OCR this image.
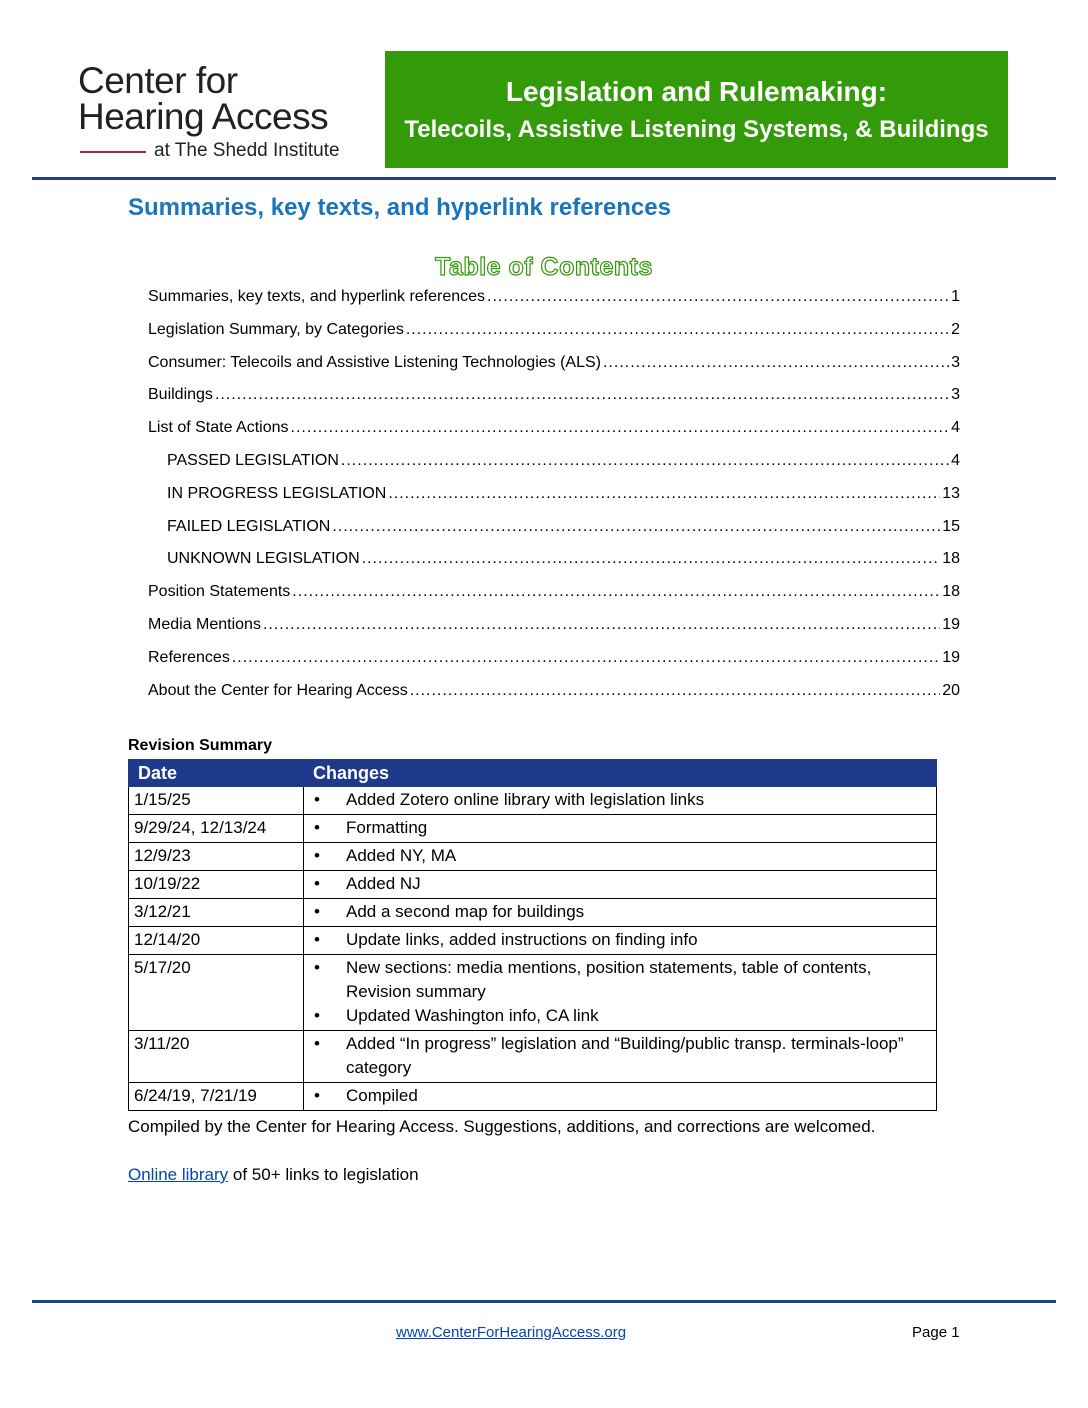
Center for
Hearing Access
at The Shedd Institute
Legislation and Rulemaking:
Telecoils, Assistive Listening Systems, & Buildings
Summaries, key texts, and hyperlink references
Table of Contents
Summaries, key texts, and hyperlink references .....	1
Legislation Summary, by Categories .....	2
Consumer: Telecoils and Assistive Listening Technologies (ALS) .....	3
Buildings .....	3
List of State Actions .....	4
PASSED LEGISLATION .....	4
IN PROGRESS LEGISLATION .....	13
FAILED LEGISLATION .....	15
UNKNOWN LEGISLATION .....	18
Position Statements .....	18
Media Mentions .....	19
References .....	19
About the Center for Hearing Access .....	20
Revision Summary
Date	Changes
1/15/25	• Added Zotero online library with legislation links

9/29/24, 12/13/24	• Formatting

12/9/23	• Added NY, MA

10/19/22	• Added NJ

3/12/21	• Add a second map for buildings

12/14/20	• Update links, added instructions on finding info

5/17/20	• New sections: media mentions, position statements, table of contents, Revision summary
• Updated Washington info, CA link

3/11/20	• Added “In progress” legislation and “Building/public transp. terminals-loop” category

6/24/19, 7/21/19	• Compiled
Compiled by the Center for Hearing Access. Suggestions, additions, and corrections are welcomed.
Online library of 50+ links to legislation
www.CenterForHearingAccess.org	Page 1
